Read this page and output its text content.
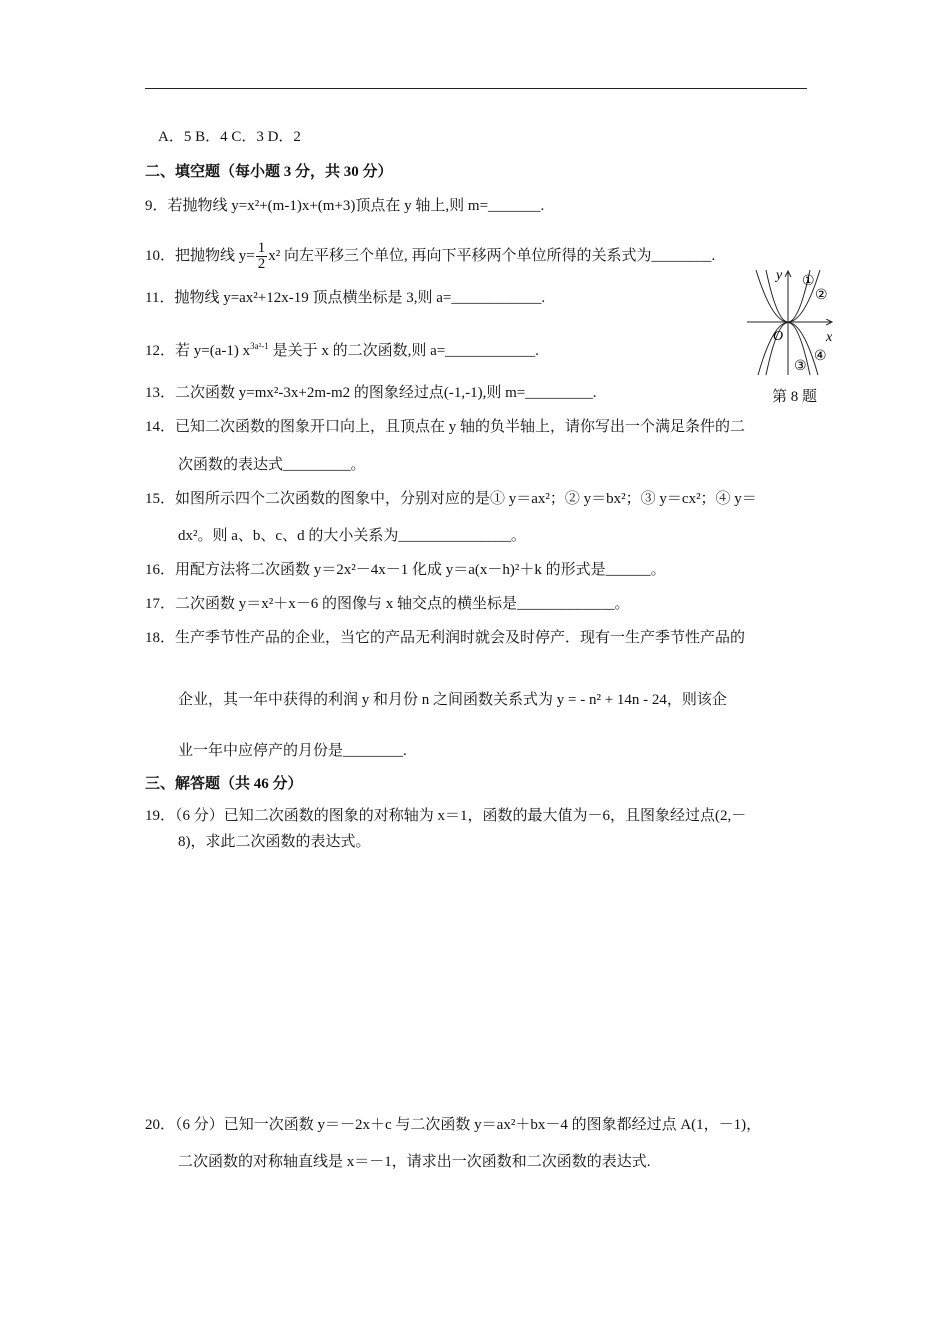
A．5 B．4 C．3 D．2
二、填空题（每小题 3 分，共 30 分）
9．若抛物线 y=x²+(m-1)x+(m+3)顶点在 y 轴上,则 m=_______.
10．把抛物线 $y= \frac{1}{2} x^2$ 向左平移三个单位, 再向下平移两个单位所得的关系式为________.
11．抛物线 y=ax²+12x-19 顶点横坐标是 3,则 a=____________.
12．若 y=(a-1) $x^{3a^2-1}$ 是关于 x 的二次函数,则 a=____________.
13．二次函数 y=mx²-3x+2m-m2 的图象经过点(-1,-1),则 m=_________.
14．已知二次函数的图象开口向上，且顶点在 y 轴的负半轴上，请你写出一个满足条件的二
次函数的表达式_________。
15．如图所示四个二次函数的图象中，分别对应的是① y＝ax²；② y＝bx²；③ y＝cx²；④ y＝
dx²。则 a、b、c、d 的大小关系为_______________。
16．用配方法将二次函数 y＝2x²－4x－1 化成 y＝a(x－h)²＋k 的形式是______。
17．二次函数 y＝x²＋x－6 的图像与 x 轴交点的横坐标是_____________。
18．生产季节性产品的企业，当它的产品无利润时就会及时停产．现有一生产季节性产品的
企业，其一年中获得的利润 y 和月份 n 之间函数关系式为 y = - n² + 14n - 24，则该企
业一年中应停产的月份是________.
三、解答题（共 46 分）
19．（6 分）已知二次函数的图象的对称轴为 x＝1，函数的最大值为－6，且图象经过点(2,－
8)，求此二次函数的表达式。
20．（6 分）已知一次函数 y＝－2x＋c 与二次函数 y＝ax²＋bx－4 的图象都经过点 A(1，－1)，
二次函数的对称轴直线是 x＝－1，请求出一次函数和二次函数的表达式.
y
x
O
①
②
③
④
第 8 题
